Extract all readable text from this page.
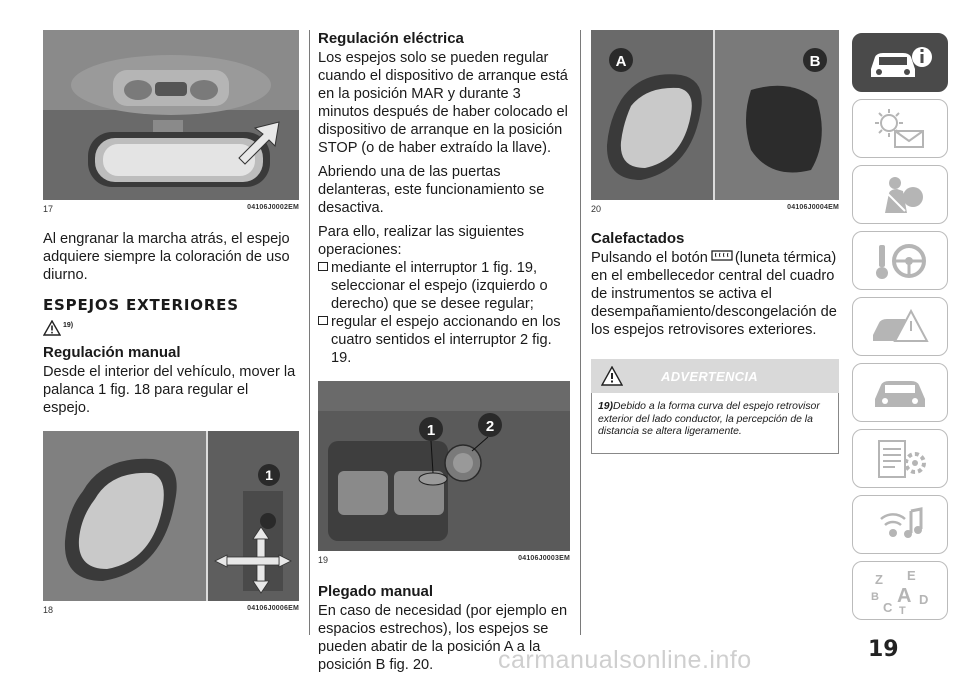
17	04106J0002EM

Al engranar la marcha atrás, el espejo adquiere siempre la coloración de uso diurno.

ESPEJOS EXTERIORES
19)
Regulación manual

Desde el interior del vehículo, mover la palanca 1 fig. 18 para regular el espejo.

1
18	04106J0006EM
Regulación eléctrica

Los espejos solo se pueden regular cuando el dispositivo de arranque está en la posición MAR y durante 3 minutos después de haber colocado el dispositivo de arranque en la posición STOP (o de haber extraído la llave).

Abriendo una de las puertas delanteras, este funcionamiento se desactiva.

Para ello, realizar las siguientes operaciones:

mediante el interruptor 1 fig. 19, seleccionar el espejo (izquierdo o derecho) que se desee regular;
regular el espejo accionando en los cuatro sentidos el interruptor 2 fig. 19.
1	2
19	04106J0003EM
Plegado manual

En caso de necesidad (por ejemplo en espacios estrechos), los espejos se pueden abatir de la posición A a la posición B fig. 20.

A	B
20	04106J0004EM
Calefactados

Pulsando el botón (luneta térmica) en el embellecedor central del cuadro de instrumentos se activa el desempañamiento/descongelación de los espejos retrovisores exteriores.

ADVERTENCIA
19)Debido a la forma curva del espejo retrovisor exterior del lado conductor, la percepción de la distancia se altera ligeramente.
Z E
B A D
C T
19
carmanualsonline.info
